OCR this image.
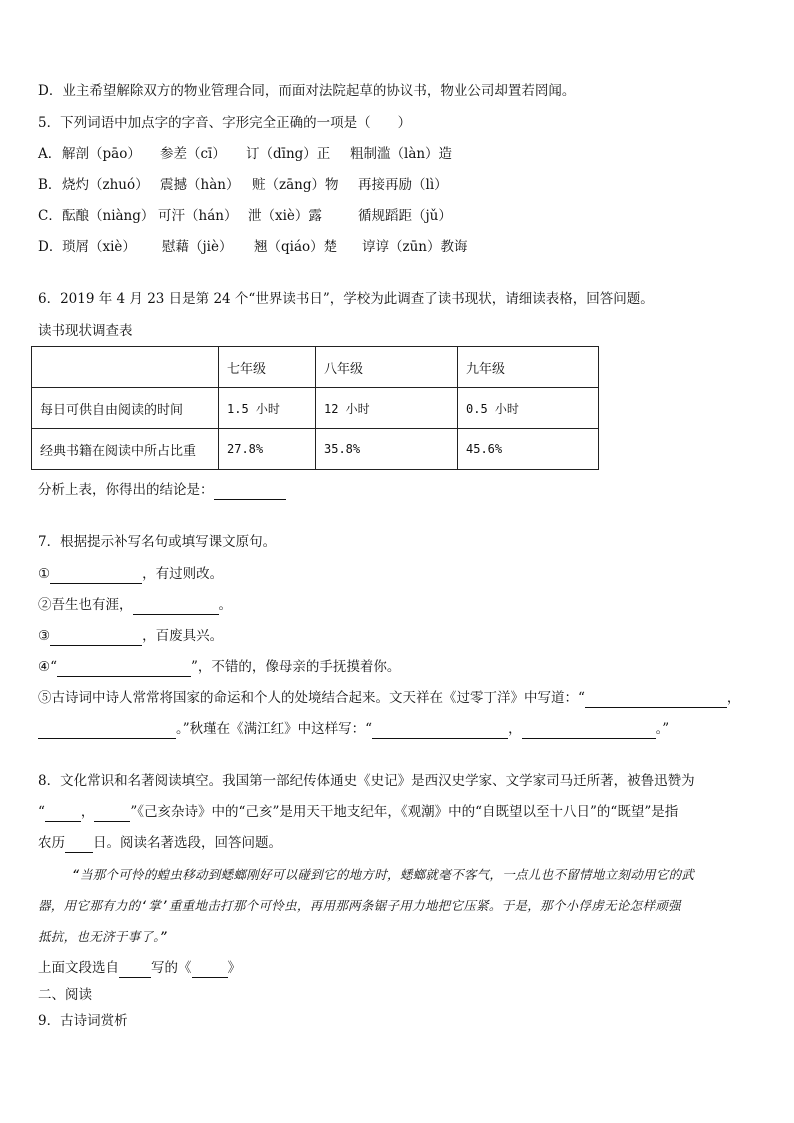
D．业主希望解除双方的物业管理合同，而面对法院起草的协议书，物业公司却置若罔闻。
5．下列词语中加点字的字音、字形完全正确的一项是（　　）
A．解剖（pāo） 参差（cī） 订（dīng）正 粗制滥（làn）造
B．烧灼（zhuó） 震撼（hàn） 赃（zāng）物 再接再励（lì）
C．酝酿（niàng） 可汗（hán） 泄（xiè）露	循规蹈距（jǔ）
D．琐屑（xiè） 慰藉（jiè） 翘（qiáo）楚 谆谆（zūn）教诲
6．2019 年 4 月 23 日是第 24 个“世界读书日”，学校为此调查了读书现状，请细读表格，回答问题。
读书现状调查表
	七年级	八年级	九年级
每日可供自由阅读的时间	1.5 小时	12 小时	0.5 小时
经典书籍在阅读中所占比重	27.8%	35.8%	45.6%
分析上表，你得出的结论是：
7．根据提示补写名句或填写课文原句。
①	，有过则改。
②吾生也有涯，	。
③	，百废具兴。
④“	”，不错的，像母亲的手抚摸着你。
⑤古诗词中诗人常常将国家的命运和个人的处境结合起来。文天祥在《过零丁洋》中写道：“	，
。”秋瑾在《满江红》中这样写：“	，	。”
8．文化常识和名著阅读填空。我国第一部纪传体通史《史记》是西汉史学家、文学家司马迁所著，被鲁迅赞为
“	，	”《己亥杂诗》中的“己亥”是用天干地支纪年，《观潮》中的“自既望以至十八日”的“既望”是指
农历 日。阅读名著选段，回答问题。
“当那个可怜的蝗虫移动到蟋螂刚好可以碰到它的地方时，蟋螂就毫不客气，一点儿也不留情地立刻动用它的武
器，用它那有力的‘掌’重重地击打那个可怜虫，再用那两条锯子用力地把它压紧。于是，那个小俘虏无论怎样顽强
抵抗，也无济于事了。”
上面文段选自 写的《	》
二、阅读
9．古诗词赏析
